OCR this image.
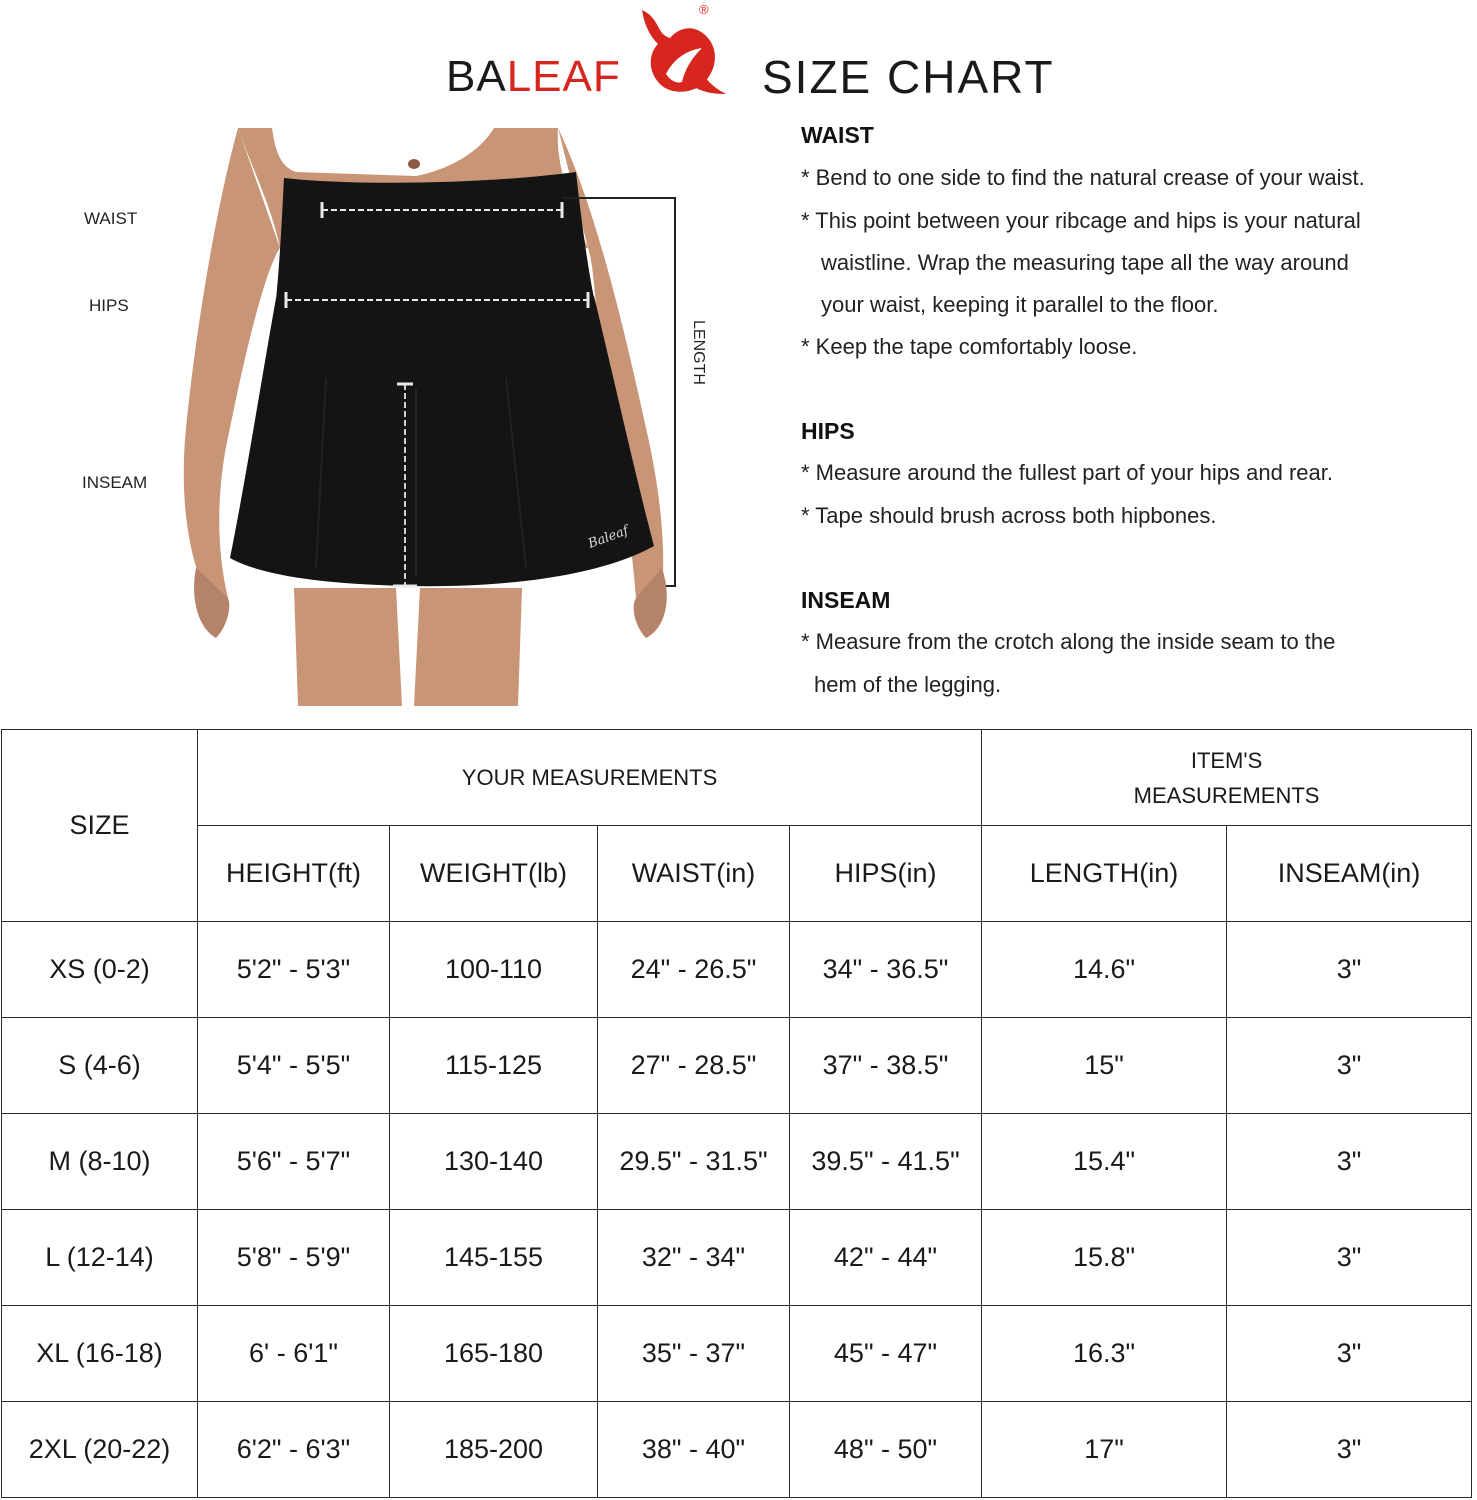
BALEAF
®
SIZE CHART
WAIST
HIPS
INSEAM
Baleaf
LENGTH
WAIST
* Bend to one side to find the natural crease of your waist.
* This point between your ribcage and hips is your natural
waistline. Wrap the measuring tape all the way around
your waist, keeping it parallel to the floor.
* Keep the tape comfortably loose.
HIPS
* Measure around the fullest part of your hips and rear.
* Tape should brush across both hipbones.
INSEAM
* Measure from the crotch along the inside seam to the
hem of the legging.
SIZE	YOUR MEASUREMENTS				ITEM'S
MEASUREMENTS	

	HEIGHT(ft)	WEIGHT(lb)	WAIST(in)	HIPS(in)	LENGTH(in)	INSEAM(in)
XS (0-2)	5'2" - 5'3"	100-110	24" - 26.5"	34" - 36.5"	14.6"	3"
S (4-6)	5'4" - 5'5"	115-125	27" - 28.5"	37" - 38.5"	15"	3"
M (8-10)	5'6" - 5'7"	130-140	29.5" - 31.5"	39.5" - 41.5"	15.4"	3"
L (12-14)	5'8" - 5'9"	145-155	32" - 34"	42" - 44"	15.8"	3"
XL (16-18)	6' - 6'1"	165-180	35" - 37"	45" - 47"	16.3"	3"
2XL (20-22)	6'2" - 6'3"	185-200	38" - 40"	48" - 50"	17"	3"
